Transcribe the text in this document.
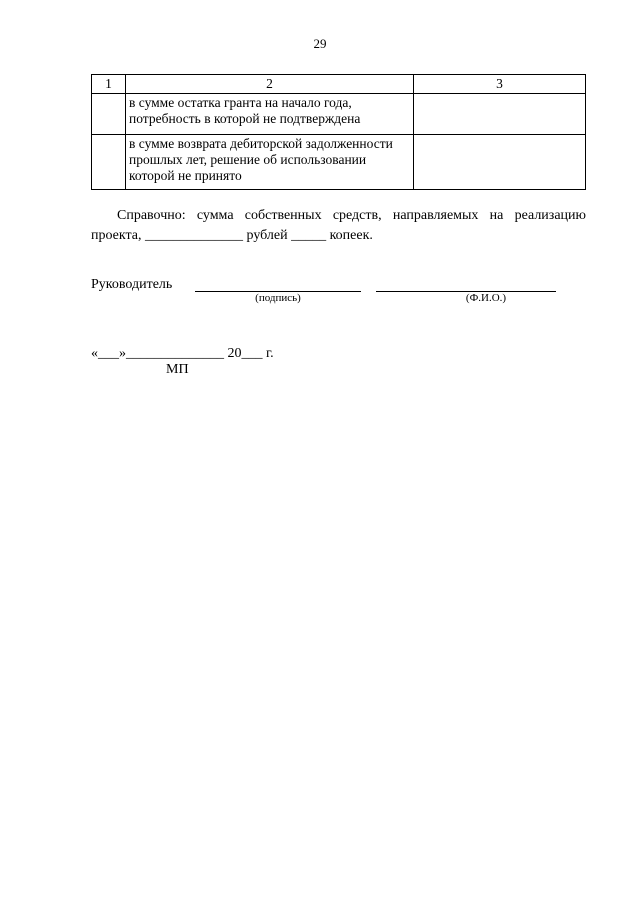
29
1	2	3
	в сумме остатка гранта на начало года, потребность в которой не подтверждена	
	в сумме возврата дебиторской задолженности прошлых лет, решение об использовании которой не принято	
Справочно: сумма собственных средств, направляемых на реализацию проекта, ______________ рублей _____ копеек.
Руководитель
(подпись)	(Ф.И.О.)
«___»______________ 20___ г.
МП
